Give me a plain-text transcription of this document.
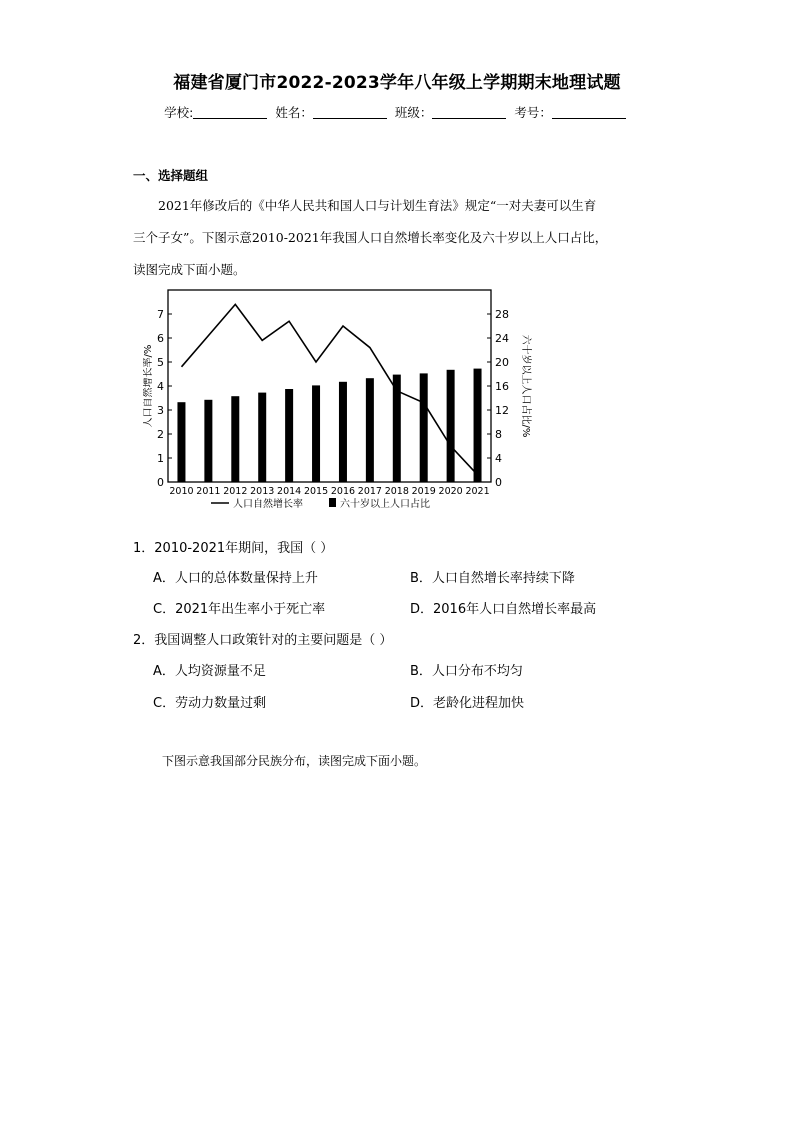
福建省厦门市2022-2023学年八年级上学期期末地理试题
学校:	姓名：	班级：	考号：
一、选择题组

2021年修改后的《中华人民共和国人口与计划生育法》规定“一对夫妻可以生育

三个子女”。下图示意2010-2021年我国人口自然增长率变化及六十岁以上人口占比，
读图完成下面小题。
0
1
2
3
4
5
6
7
0
4
8
12
16
20
24
28
2010 2011 2012 2013 2014 2015 2016 2017 2018 2019 2020 2021
人口自然增长率/%	六十岁以上人口占比/%
人口自然增长率	六十岁以上人口占比
1．2010-2021年期间，我国（ ）
A．人口的总体数量保持上升	B．人口自然增长率持续下降
C．2021年出生率小于死亡率	D．2016年人口自然增长率最高
2．我国调整人口政策针对的主要问题是（ ）
A．人均资源量不足	B．人口分布不均匀
C．劳动力数量过剩	D．老龄化进程加快
下图示意我国部分民族分布，读图完成下面小题。
